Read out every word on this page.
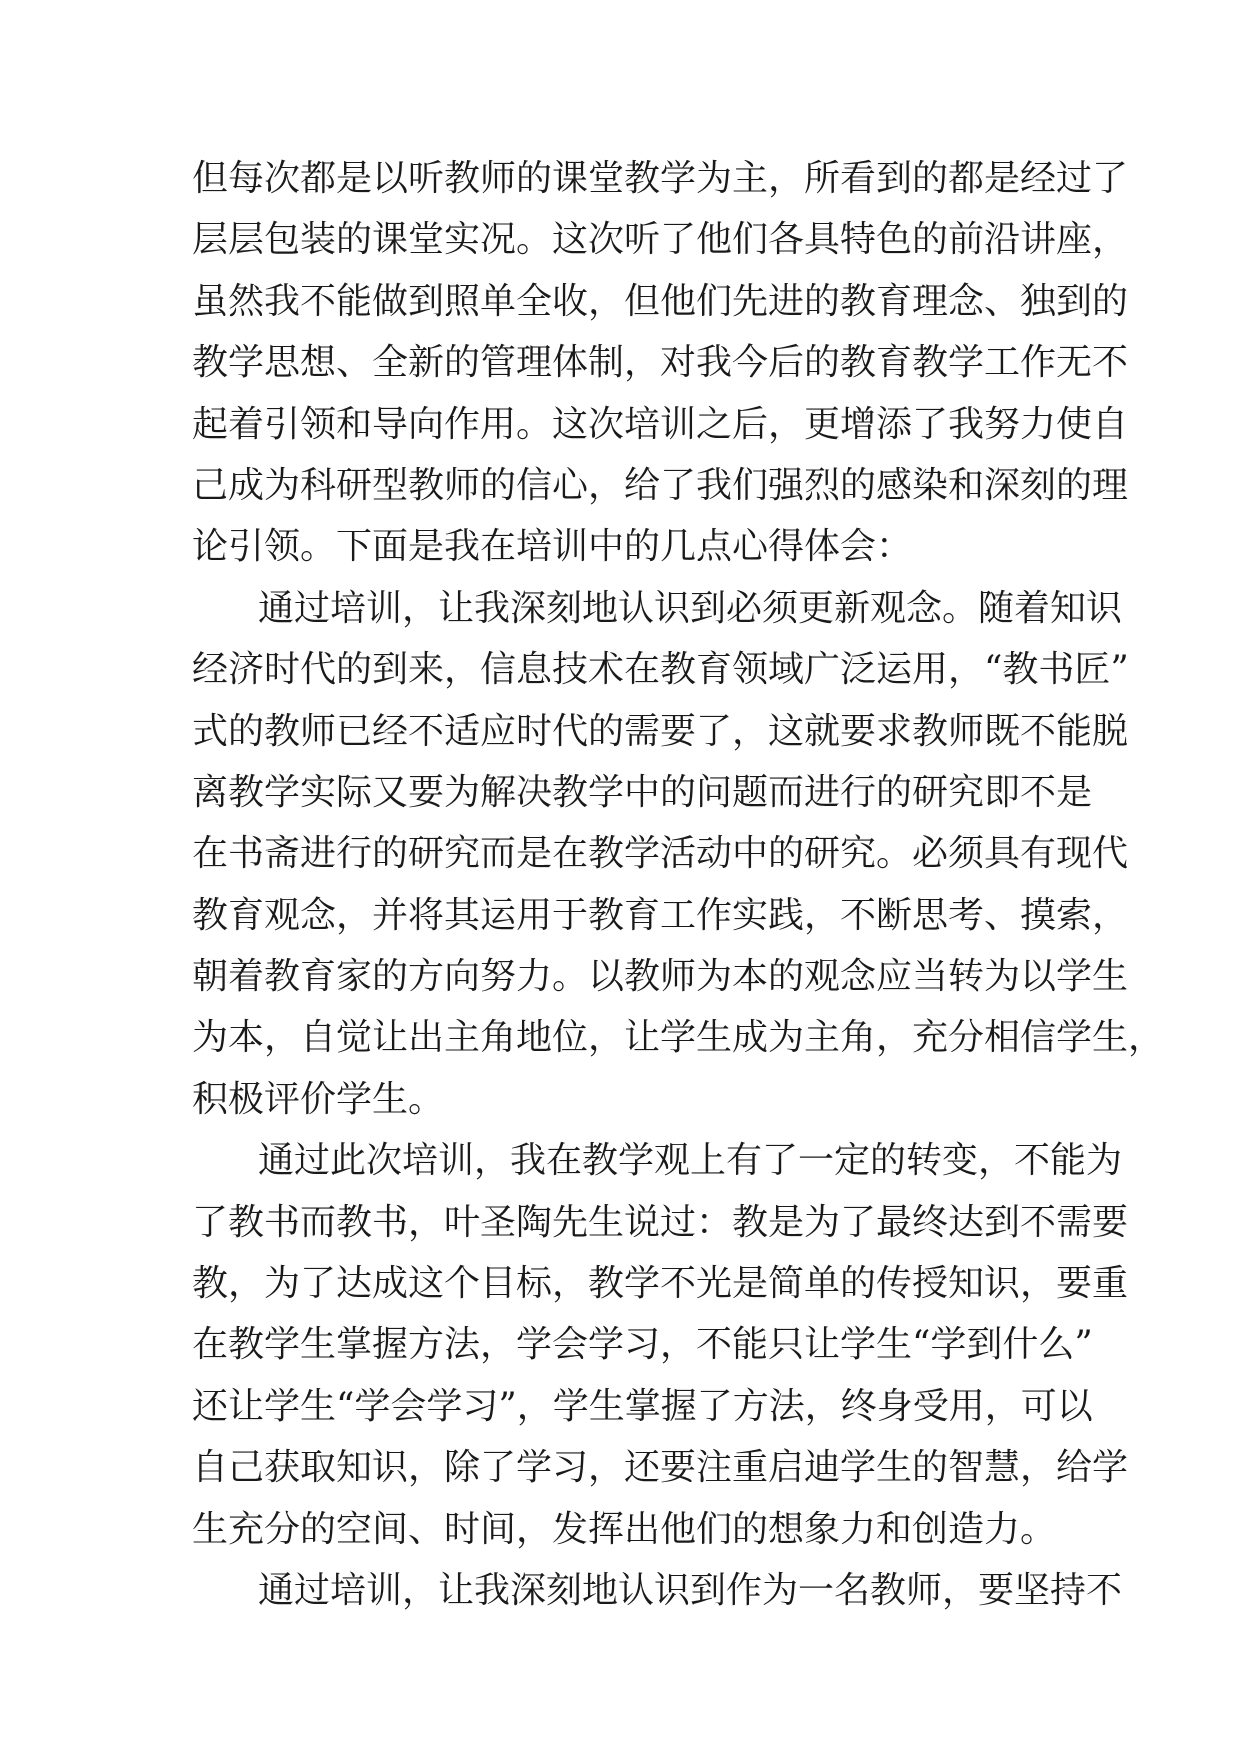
但每次都是以听教师的课堂教学为主，所看到的都是经过了
层层包装的课堂实况。这次听了他们各具特色的前沿讲座，
虽然我不能做到照单全收，但他们先进的教育理念、独到的
教学思想、全新的管理体制，对我今后的教育教学工作无不
起着引领和导向作用。这次培训之后，更增添了我努力使自
己成为科研型教师的信心，给了我们强烈的感染和深刻的理
论引领。下面是我在培训中的几点心得体会：
通过培训，让我深刻地认识到必须更新观念。随着知识
经济时代的到来，信息技术在教育领域广泛运用，“教书匠”
式的教师已经不适应时代的需要了，这就要求教师既不能脱
离教学实际又要为解决教学中的问题而进行的研究即不是
在书斋进行的研究而是在教学活动中的研究。必须具有现代
教育观念，并将其运用于教育工作实践，不断思考、摸索，
朝着教育家的方向努力。以教师为本的观念应当转为以学生
为本，自觉让出主角地位，让学生成为主角，充分相信学生，
积极评价学生。
通过此次培训，我在教学观上有了一定的转变，不能为
了教书而教书，叶圣陶先生说过：教是为了最终达到不需要
教，为了达成这个目标，教学不光是简单的传授知识，要重
在教学生掌握方法，学会学习，不能只让学生“学到什么”
还让学生“学会学习”，学生掌握了方法，终身受用，可以
自己获取知识，除了学习，还要注重启迪学生的智慧，给学
生充分的空间、时间，发挥出他们的想象力和创造力。
通过培训，让我深刻地认识到作为一名教师，要坚持不
